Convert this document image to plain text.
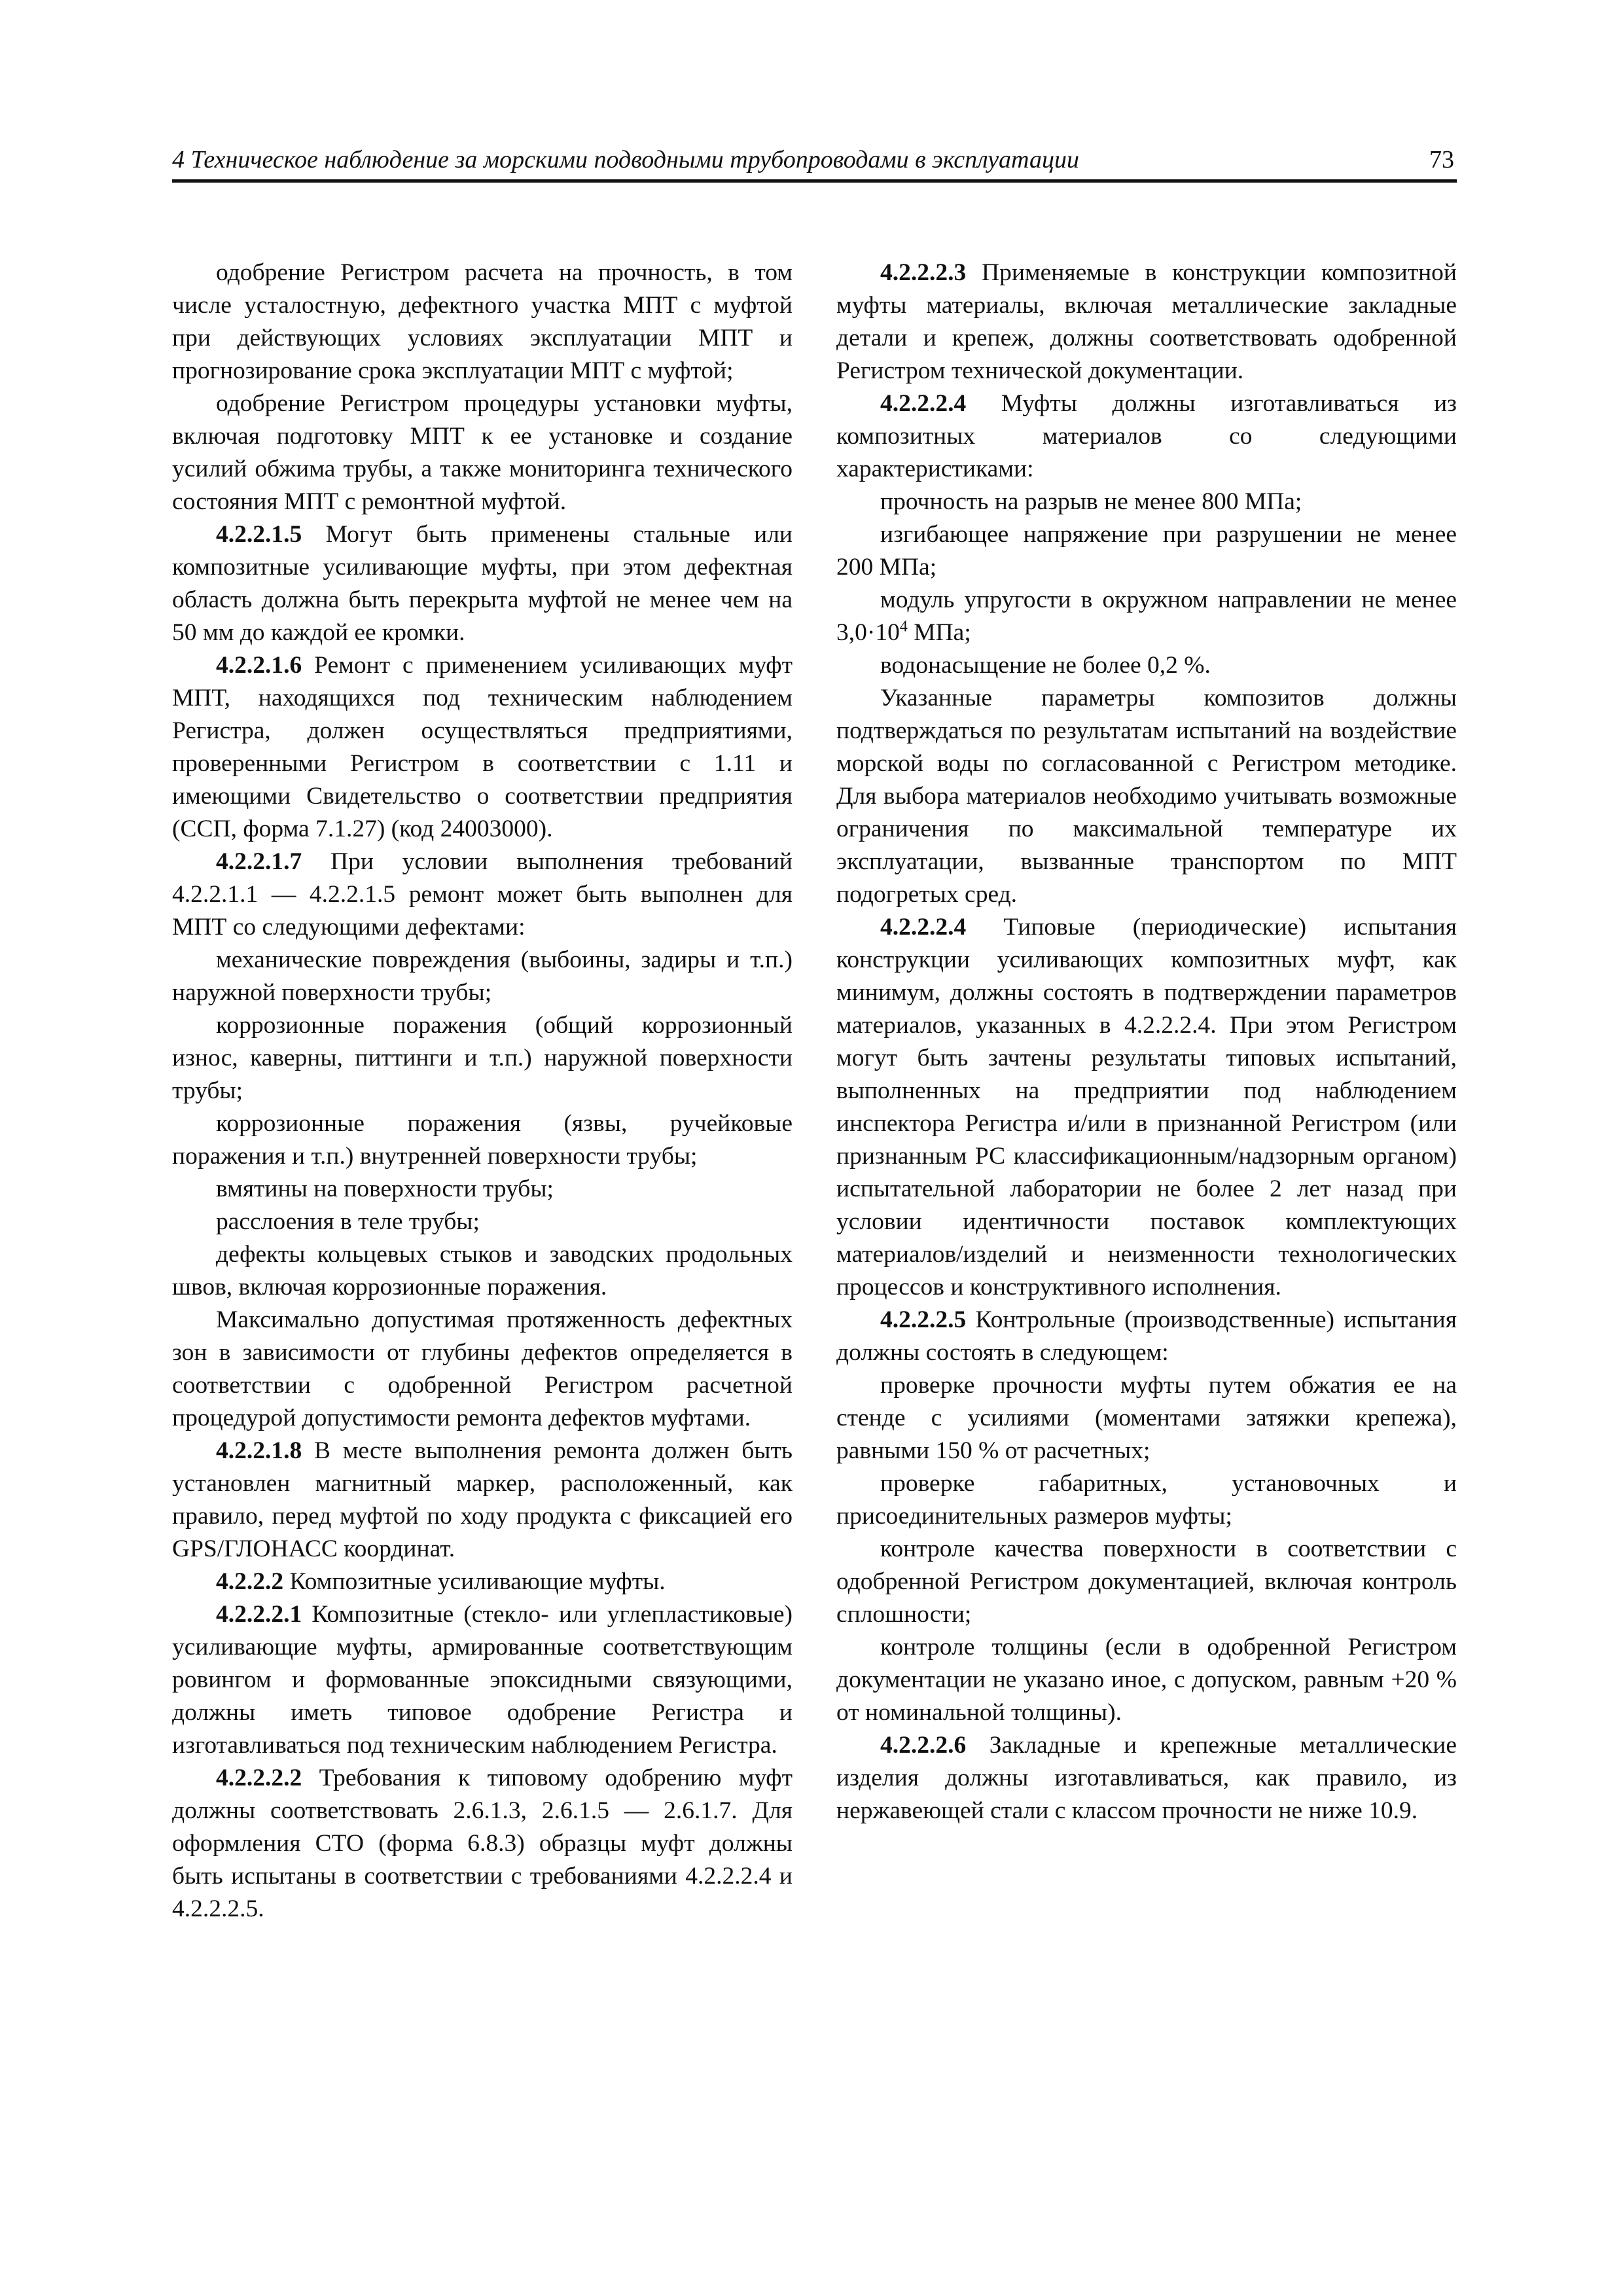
4 Техническое наблюдение за морскими подводными трубопроводами в эксплуатации	73

одобрение Регистром расчета на прочность, в том числе усталостную, дефектного участка МПТ с муфтой при действующих условиях эксплуатации МПТ и прогнозирование срока эксплуатации МПТ с муфтой;

одобрение Регистром процедуры установки муфты, включая подготовку МПТ к ее установке и создание усилий обжима трубы, а также мониторинга технического состояния МПТ с ремонтной муфтой.

4.2.2.1.5 Могут быть применены стальные или композитные усиливающие муфты, при этом дефектная область должна быть перекрыта муфтой не менее чем на 50 мм до каждой ее кромки.

4.2.2.1.6 Ремонт с применением усиливающих муфт МПТ, находящихся под техническим наблюдением Регистра, должен осуществляться предприятиями, проверенными Регистром в соответствии с 1.11 и имеющими Свидетельство о соответствии предприятия (ССП, форма 7.1.27) (код 24003000).

4.2.2.1.7 При условии выполнения требований 4.2.2.1.1 — 4.2.2.1.5 ремонт может быть выполнен для МПТ со следующими дефектами:

механические повреждения (выбоины, задиры и т.п.) наружной поверхности трубы;

коррозионные поражения (общий коррозионный износ, каверны, питтинги и т.п.) наружной поверхности трубы;

коррозионные поражения (язвы, ручейковые поражения и т.п.) внутренней поверхности трубы;

вмятины на поверхности трубы;

расслоения в теле трубы;

дефекты кольцевых стыков и заводских продольных швов, включая коррозионные поражения.

Максимально допустимая протяженность дефектных зон в зависимости от глубины дефектов определяется в соответствии с одобренной Регистром расчетной процедурой допустимости ремонта дефектов муфтами.

4.2.2.1.8 В месте выполнения ремонта должен быть установлен магнитный маркер, расположенный, как правило, перед муфтой по ходу продукта с фиксацией его GPS/ГЛОНАСС координат.

4.2.2.2 Композитные усиливающие муфты.

4.2.2.2.1 Композитные (стекло- или углепластиковые) усиливающие муфты, армированные соответствующим ровингом и формованные эпоксидными связующими, должны иметь типовое одобрение Регистра и изготавливаться под техническим наблюдением Регистра.

4.2.2.2.2 Требования к типовому одобрению муфт должны соответствовать 2.6.1.3, 2.6.1.5 — 2.6.1.7. Для оформления СТО (форма 6.8.3) образцы муфт должны быть испытаны в соответствии с требованиями 4.2.2.2.4 и 4.2.2.2.5.

4.2.2.2.3 Применяемые в конструкции композитной муфты материалы, включая металлические закладные детали и крепеж, должны соответствовать одобренной Регистром технической документации.

4.2.2.2.4 Муфты должны изготавливаться из композитных материалов со следующими характеристиками:

прочность на разрыв не менее 800 МПа;

изгибающее напряжение при разрушении не менее 200 МПа;

модуль упругости в окружном направлении не менее $3,0\cdot 10^4$ МПа;

водонасыщение не более 0,2 %.

Указанные параметры композитов должны подтверждаться по результатам испытаний на воздействие морской воды по согласованной с Регистром методике. Для выбора материалов необходимо учитывать возможные ограничения по максимальной температуре их эксплуатации, вызванные транспортом по МПТ подогретых сред.

4.2.2.2.4 Типовые (периодические) испытания конструкции усиливающих композитных муфт, как минимум, должны состоять в подтверждении параметров материалов, указанных в 4.2.2.2.4. При этом Регистром могут быть зачтены результаты типовых испытаний, выполненных на предприятии под наблюдением инспектора Регистра и/или в признанной Регистром (или признанным РС классификационным/надзорным органом) испытательной лаборатории не более 2 лет назад при условии идентичности поставок комплектующих материалов/изделий и неизменности технологических процессов и конструктивного исполнения.

4.2.2.2.5 Контрольные (производственные) испытания должны состоять в следующем:

проверке прочности муфты путем обжатия ее на стенде с усилиями (моментами затяжки крепежа), равными 150 % от расчетных;

проверке габаритных, установочных и присоединительных размеров муфты;

контроле качества поверхности в соответствии с одобренной Регистром документацией, включая контроль сплошности;

контроле толщины (если в одобренной Регистром документации не указано иное, с допуском, равным +20 % от номинальной толщины).

4.2.2.2.6 Закладные и крепежные металлические изделия должны изготавливаться, как правило, из нержавеющей стали с классом прочности не ниже 10.9.
